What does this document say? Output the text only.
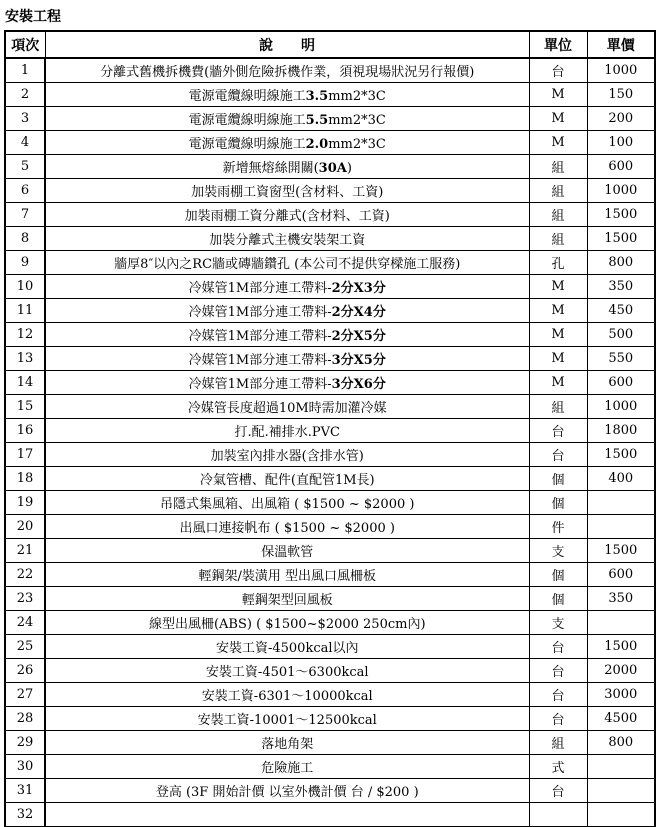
安裝工程
項次	說　　明	單位	單價
1	分離式舊機拆機費(牆外側危險拆機作業，須視現場狀況另行報價)	台	1000
2	電源電纜線明線施工3.5mm2*3C	M	150
3	電源電纜線明線施工5.5mm2*3C	M	200
4	電源電纜線明線施工2.0mm2*3C	M	100
5	新增無熔絲開關(30A)	組	600
6	加裝雨棚工資窗型(含材料、工資)	組	1000
7	加裝雨棚工資分離式(含材料、工資)	組	1500
8	加裝分離式主機安裝架工資	組	1500
9	牆厚8″以內之RC牆或磚牆鑽孔 (本公司不提供穿樑施工服務)	孔	800
10	冷媒管1M部分連工帶料-2分X3分	M	350
11	冷媒管1M部分連工帶料-2分X4分	M	450
12	冷媒管1M部分連工帶料-2分X5分	M	500
13	冷媒管1M部分連工帶料-3分X5分	M	550
14	冷媒管1M部分連工帶料-3分X6分	M	600
15	冷媒管長度超過10M時需加灌冷媒	組	1000
16	打.配.補排水.PVC	台	1800
17	加裝室內排水器(含排水管)	台	1500
18	冷氣管槽、配件(直配管1M長)	個	400
19	吊隱式集風箱、出風箱 ( $1500 ~ $2000 )	個	
20	出風口連接帆布 ( $1500 ~ $2000 )	件	
21	保溫軟管	支	1500
22	輕鋼架/裝潢用 型出風口風柵板	個	600
23	輕鋼架型回風板	個	350
24	線型出風柵(ABS) ( $1500~$2000 250cm內)	支	
25	安裝工資-4500kcal以內	台	1500
26	安裝工資-4501～6300kcal	台	2000
27	安裝工資-6301～10000kcal	台	3000
28	安裝工資-10001～12500kcal	台	4500
29	落地角架	組	800
30	危險施工	式	
31	登高 (3F 開始計價 以室外機計價 台 / $200 )	台	
32			
